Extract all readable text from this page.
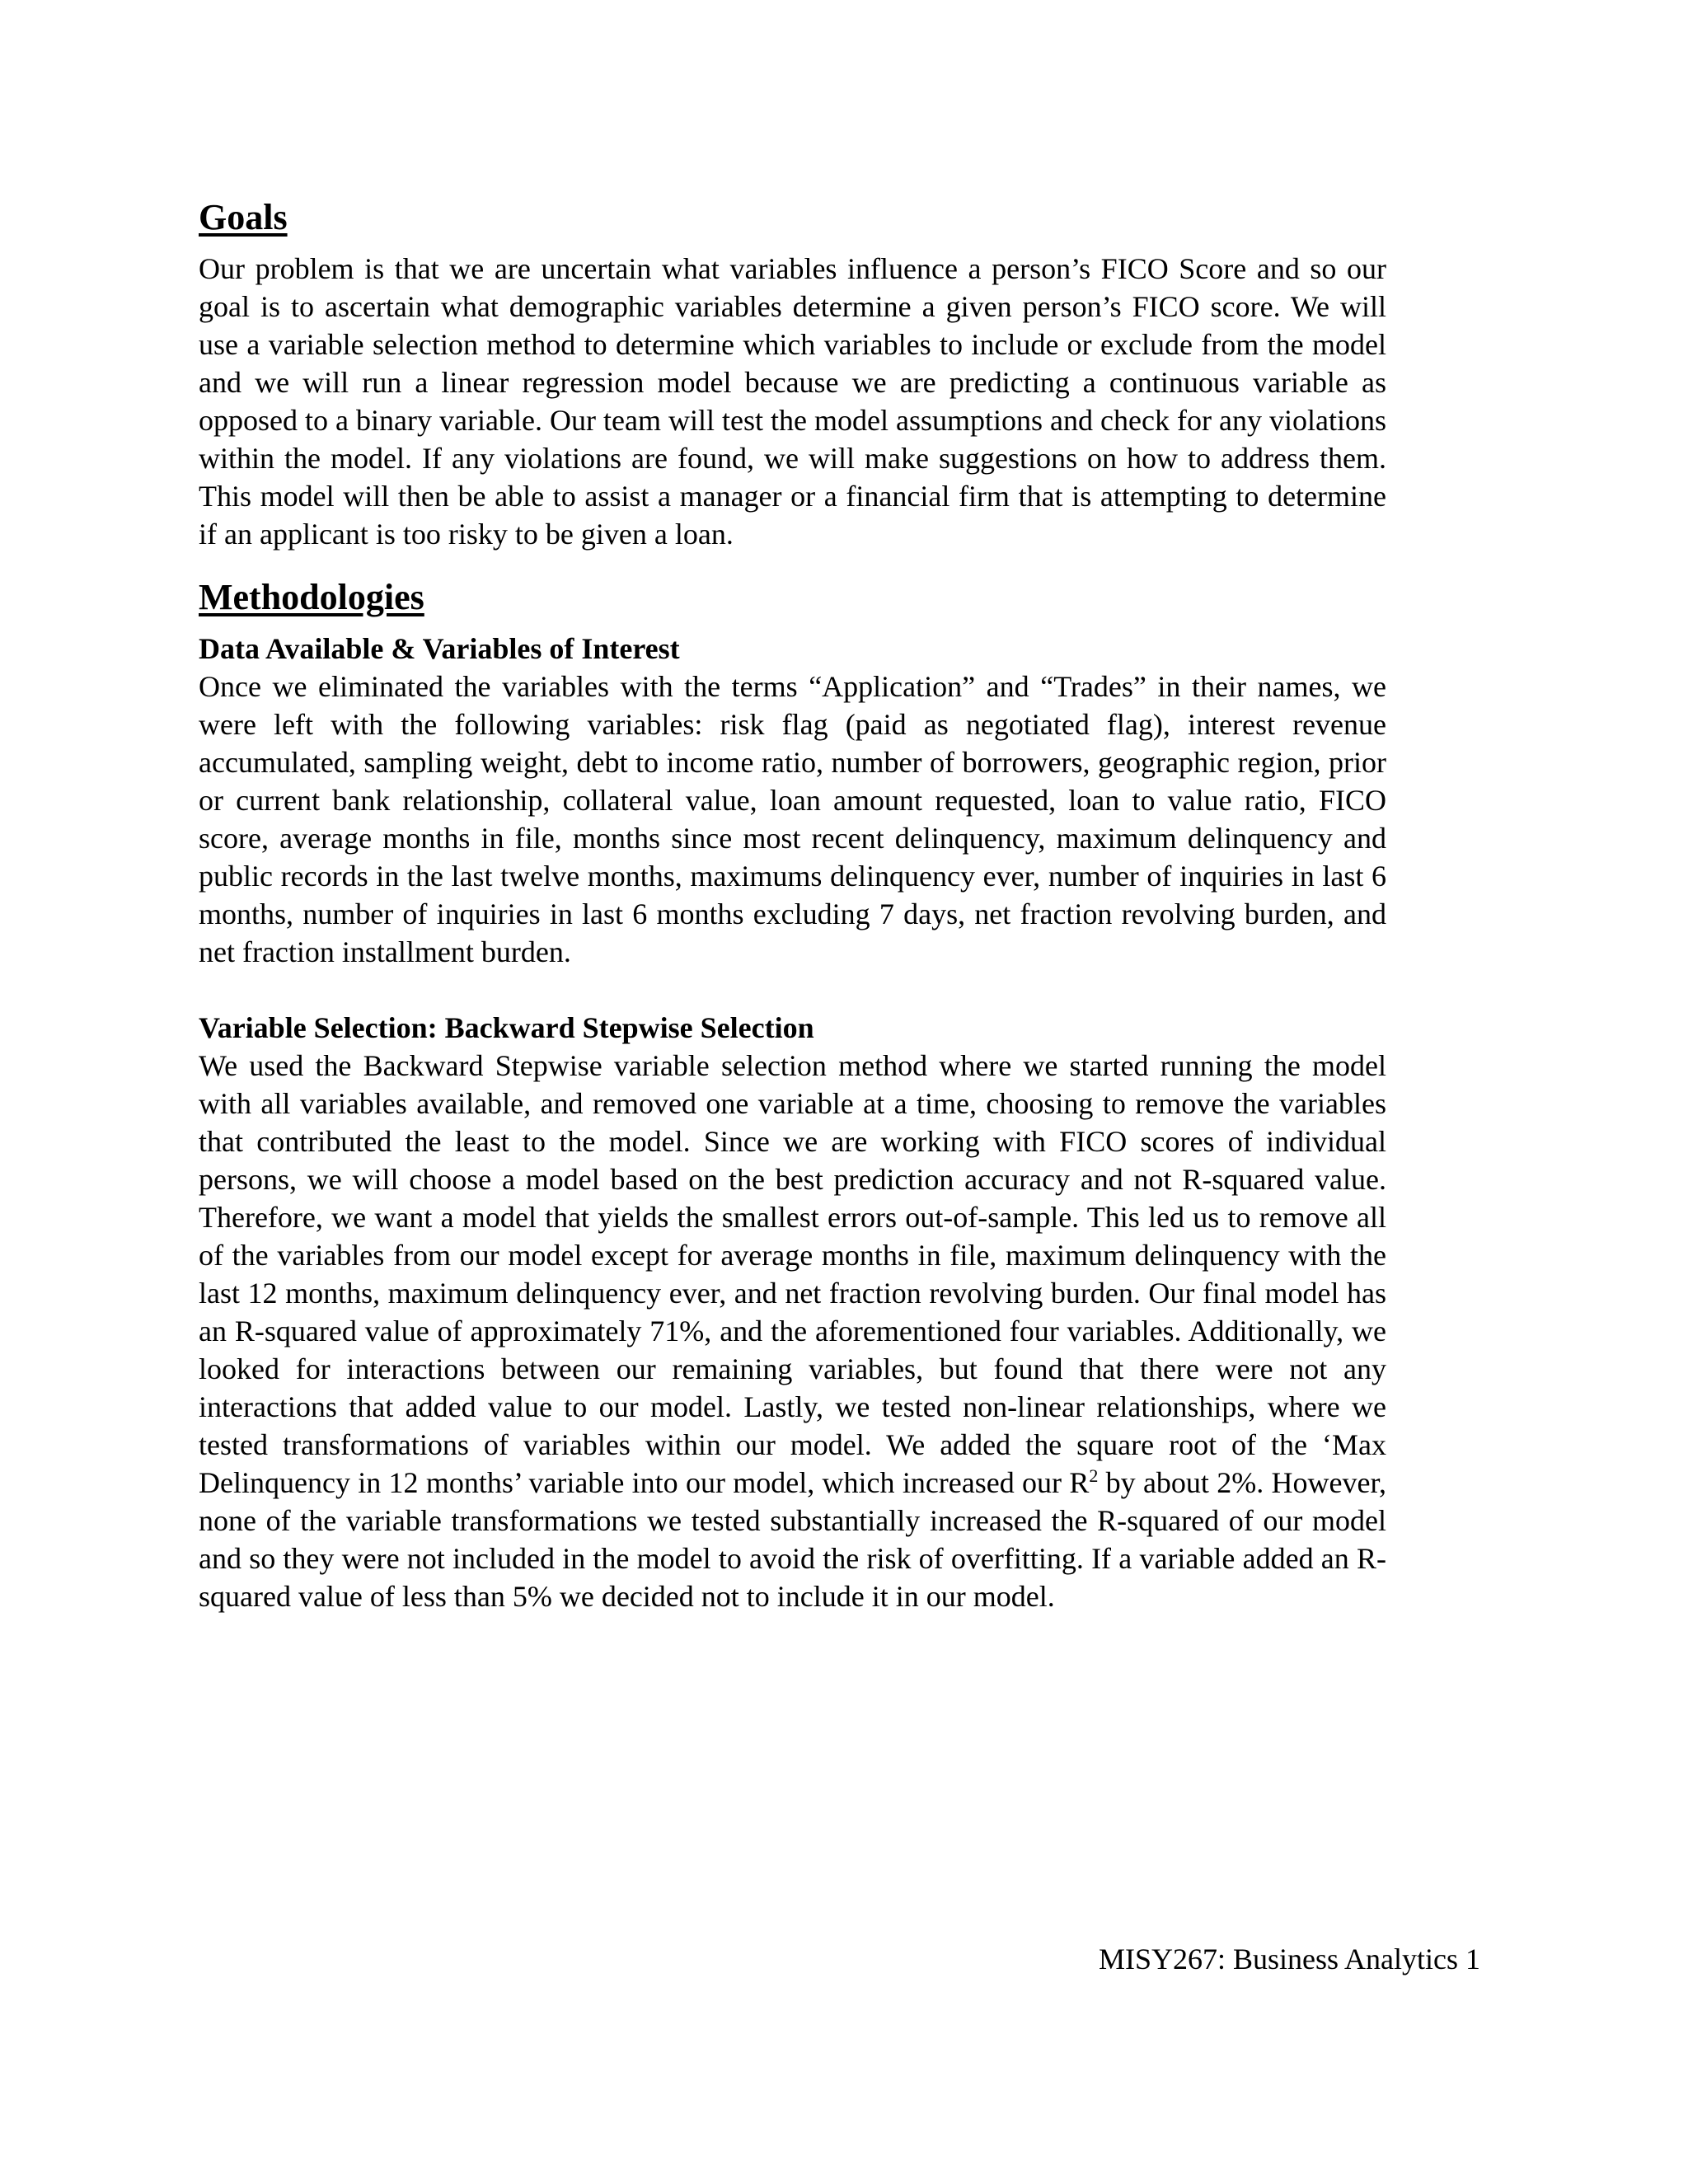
Goals

Our problem is that we are uncertain what variables influence a person’s FICO Score and so our goal is to ascertain what demographic variables determine a given person’s FICO score. We will use a variable selection method to determine which variables to include or exclude from the model and we will run a linear regression model because we are predicting a continuous variable as opposed to a binary variable. Our team will test the model assumptions and check for any violations within the model. If any violations are found, we will make suggestions on how to address them. This model will then be able to assist a manager or a financial firm that is attempting to determine if an applicant is too risky to be given a loan.

Methodologies
Data Available & Variables of Interest

Once we eliminated the variables with the terms “Application” and “Trades” in their names, we were left with the following variables: risk flag (paid as negotiated flag), interest revenue accumulated, sampling weight, debt to income ratio, number of borrowers, geographic region, prior or current bank relationship, collateral value, loan amount requested, loan to value ratio, FICO score, average months in file, months since most recent delinquency, maximum delinquency and public records in the last twelve months, maximums delinquency ever, number of inquiries in last 6 months, number of inquiries in last 6 months excluding 7 days, net fraction revolving burden, and net fraction installment burden.

Variable Selection: Backward Stepwise Selection

We used the Backward Stepwise variable selection method where we started running the model with all variables available, and removed one variable at a time, choosing to remove the variables that contributed the least to the model. Since we are working with FICO scores of individual persons, we will choose a model based on the best prediction accuracy and not R-squared value. Therefore, we want a model that yields the smallest errors out-of-sample. This led us to remove all of the variables from our model except for average months in file, maximum delinquency with the last 12 months, maximum delinquency ever, and net fraction revolving burden. Our final model has an R-squared value of approximately 71%, and the aforementioned four variables. Additionally, we looked for interactions between our remaining variables, but found that there were not any interactions that added value to our model. Lastly, we tested non-linear relationships, where we tested transformations of variables within our model. We added the square root of the ‘Max Delinquency in 12 months’ variable into our model, which increased our $R^2$ by about 2%. However, none of the variable transformations we tested substantially increased the R-squared of our model and so they were not included in the model to avoid the risk of overfitting. If a variable added an R-squared value of less than 5% we decided not to include it in our model.

MISY267: Business Analytics 1
